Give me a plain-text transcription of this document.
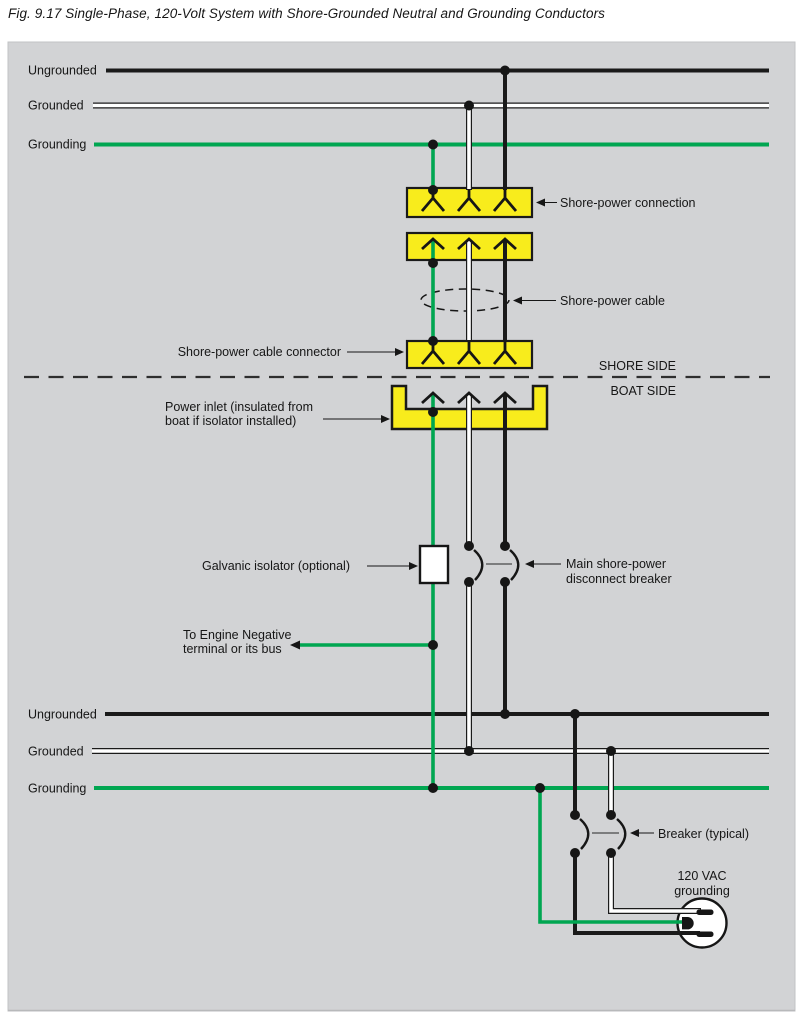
Fig. 9.17 Single-Phase, 120-Volt System with Shore-Grounded Neutral and Grounding Conductors
Ungrounded
Grounded
Grounding
Shore-power connection
Shore-power cable
Shore-power cable connector
SHORE SIDE
BOAT SIDE
Power inlet (insulated from
boat if isolator installed)
Galvanic isolator (optional)	Main shore-power
disconnect breaker
To Engine Negative
terminal or its bus
Ungrounded
Grounded
Grounding
Breaker (typical)
120 VAC
grounding
